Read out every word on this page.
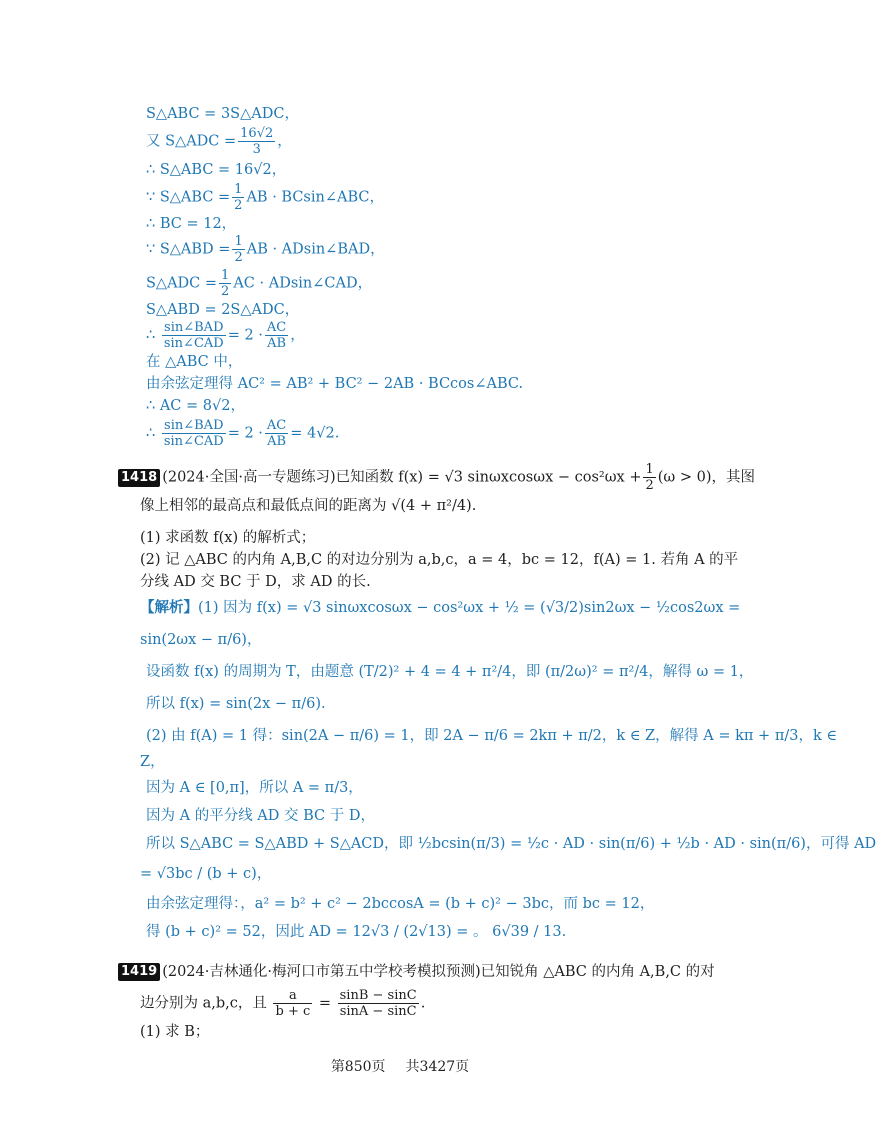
S△ABC = 3S△ADC，
又 S△ADC = $\frac{16√2}{3}$ ，
∴ S△ABC = 16√2，
∵ S△ABC = $\frac{1}{2}$ AB · BCsin∠ABC，
∴ BC = 12，
∵ S△ABD = $\frac{1}{2}$ AB · ADsin∠BAD，
S△ADC = $\frac{1}{2}$ AC · ADsin∠CAD，
S△ABD = 2S△ADC，
∴ $\frac{\text{sin∠BAD}}{\text{sin∠CAD}} = 2 \cdot \frac{AC}{AB}$ ，
在 △ABC 中，
由余弦定理得 AC² = AB² + BC² − 2AB · BCcos∠ABC.
∴ AC = 8√2，
∴ $\frac{\text{sin∠BAD}}{\text{sin∠CAD}} = 2 \cdot \frac{AC}{AB} = 4√2$.
1418 (2024·全国·高一专题练习)已知函数 f(x) = √3 $\sin\omega xcos\omega x - \cos^2\omega x + \frac{1}{2} (\omega > 0)$，其图
像上相邻的最高点和最低点间的距离为 √(4 + π²/4).
(1) 求函数 f(x) 的解析式；
(2) 记 △ABC 的内角 A,B,C 的对边分别为 a,b,c，a = 4，bc = 12，f(A) = 1. 若角 A 的平
分线 AD 交 BC 于 D，求 AD 的长.
【解析】(1) 因为 f(x) = √3 sinωxcosωx − cos²ωx + ½ = (√3/2)sin2ωx − ½cos2ωx =
sin(2ωx − π/6)，
设函数 f(x) 的周期为 T，由题意 (T/2)² + 4 = 4 + π²/4，即 (π/2ω)² = π²/4，解得 ω = 1，
所以 f(x) = sin(2x − π/6).
(2) 由 f(A) = 1 得：sin(2A − π/6) = 1，即 2A − π/6 = 2kπ + π/2，k ∈ Z，解得 A = kπ + π/3，k ∈
Z，
因为 A ∈ [0,π]，所以 A = π/3，
因为 A 的平分线 AD 交 BC 于 D，
所以 S△ABC = S△ABD + S△ACD，即 ½bcsin(π/3) = ½c · AD · sin(π/6) + ½b · AD · sin(π/6)，可得 AD
= √3bc / (b + c)，
由余弦定理得：，a² = b² + c² − 2bccosA = (b + c)² − 3bc，而 bc = 12，
得 (b + c)² = 52，因此 AD = 12√3 / (2√13) = 。 6√39 / 13.
1419 (2024·吉林通化·梅河口市第五中学校考模拟预测)已知锐角 △ABC 的内角 A,B,C 的对
边分别为 a,b,c，且 $\frac{a}{b + c} = \frac{\sin B - \sin C}{\sin A - \sin C}$ .
(1) 求 B；
第850页 共3427页
